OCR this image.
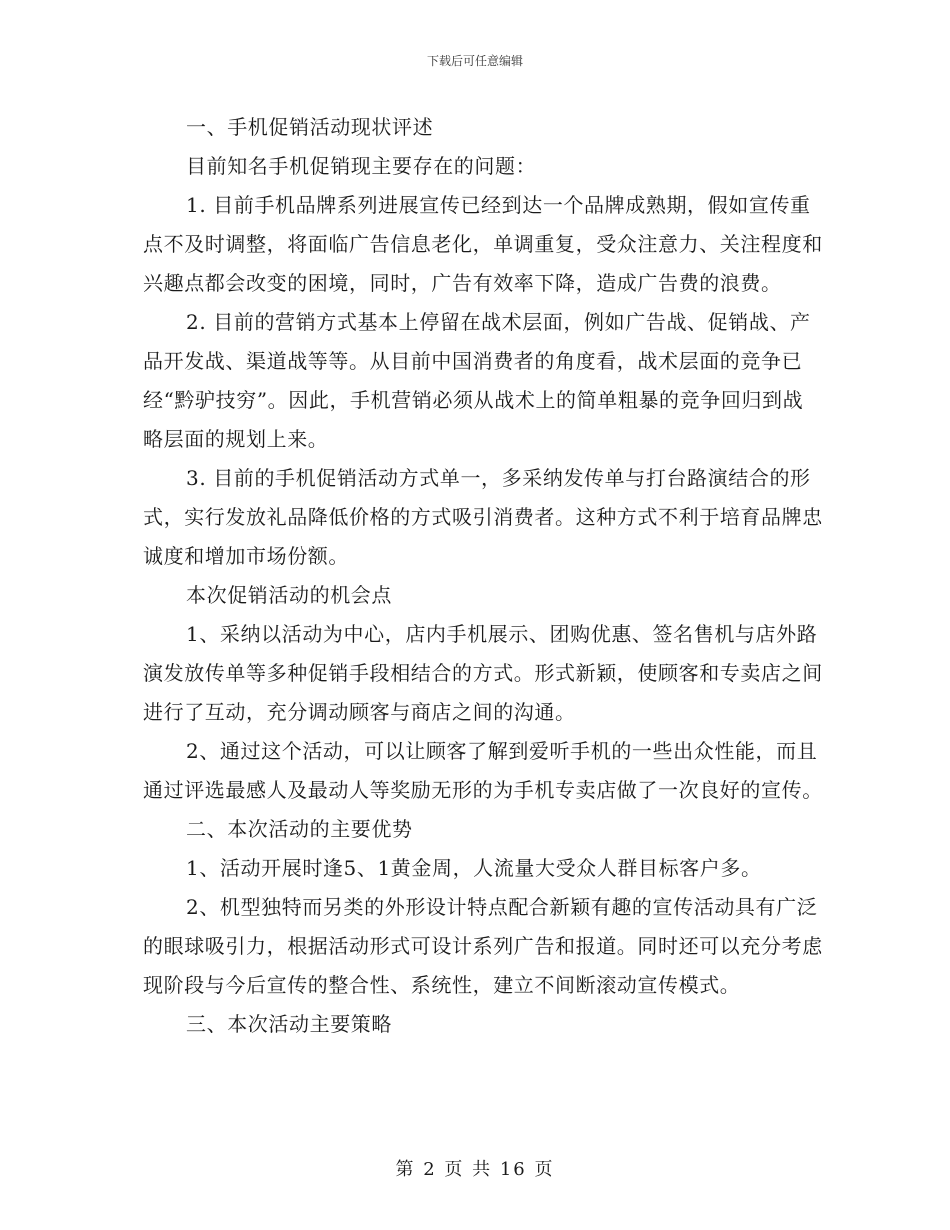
下载后可任意编辑

一、手机促销活动现状评述

目前知名手机促销现主要存在的问题：

1. 目前手机品牌系列进展宣传已经到达一个品牌成熟期，假如宣传重点不及时调整，将面临广告信息老化，单调重复，受众注意力、关注程度和兴趣点都会改变的困境，同时，广告有效率下降，造成广告费的浪费。

2. 目前的营销方式基本上停留在战术层面，例如广告战、促销战、产品开发战、渠道战等等。从目前中国消费者的角度看，战术层面的竞争已经“黔驴技穷”。因此，手机营销必须从战术上的简单粗暴的竞争回归到战略层面的规划上来。

3. 目前的手机促销活动方式单一，多采纳发传单与打台路演结合的形式，实行发放礼品降低价格的方式吸引消费者。这种方式不利于培育品牌忠诚度和增加市场份额。

本次促销活动的机会点

1、采纳以活动为中心，店内手机展示、团购优惠、签名售机与店外路演发放传单等多种促销手段相结合的方式。形式新颖，使顾客和专卖店之间进行了互动，充分调动顾客与商店之间的沟通。

2、通过这个活动，可以让顾客了解到爱听手机的一些出众性能，而且通过评选最感人及最动人等奖励无形的为手机专卖店做了一次良好的宣传。

二、本次活动的主要优势

1、活动开展时逢5、1黄金周，人流量大受众人群目标客户多。

2、机型独特而另类的外形设计特点配合新颖有趣的宣传活动具有广泛的眼球吸引力，根据活动形式可设计系列广告和报道。同时还可以充分考虑现阶段与今后宣传的整合性、系统性，建立不间断滚动宣传模式。

三、本次活动主要策略

第 2 页 共 16 页
